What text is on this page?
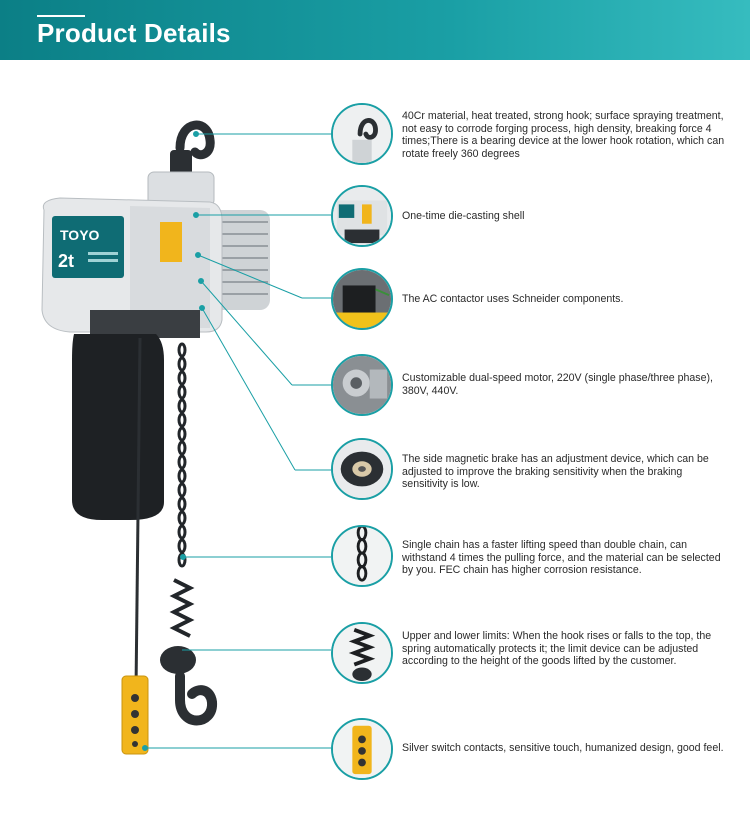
Product Details
TOYO
2t
40Cr material, heat treated, strong hook; surface spraying treatment, not easy to corrode forging process, high density, breaking force 4 times;There is a bearing device at the lower hook rotation, which can rotate freely 360 degrees
One-time die-casting shell
The AC contactor uses Schneider components.
Customizable dual-speed motor, 220V (single phase/three phase), 380V, 440V.
The side magnetic brake has an adjustment device, which can be adjusted to improve the braking sensitivity when the braking sensitivity is low.
Single chain has a faster lifting speed than double chain, can withstand 4 times the pulling force, and the material can be selected by you. FEC chain has higher corrosion resistance.
Upper and lower limits: When the hook rises or falls to the top, the spring automatically protects it; the limit device can be adjusted according to the height of the goods lifted by the customer.
Silver switch contacts, sensitive touch, humanized design, good feel.
